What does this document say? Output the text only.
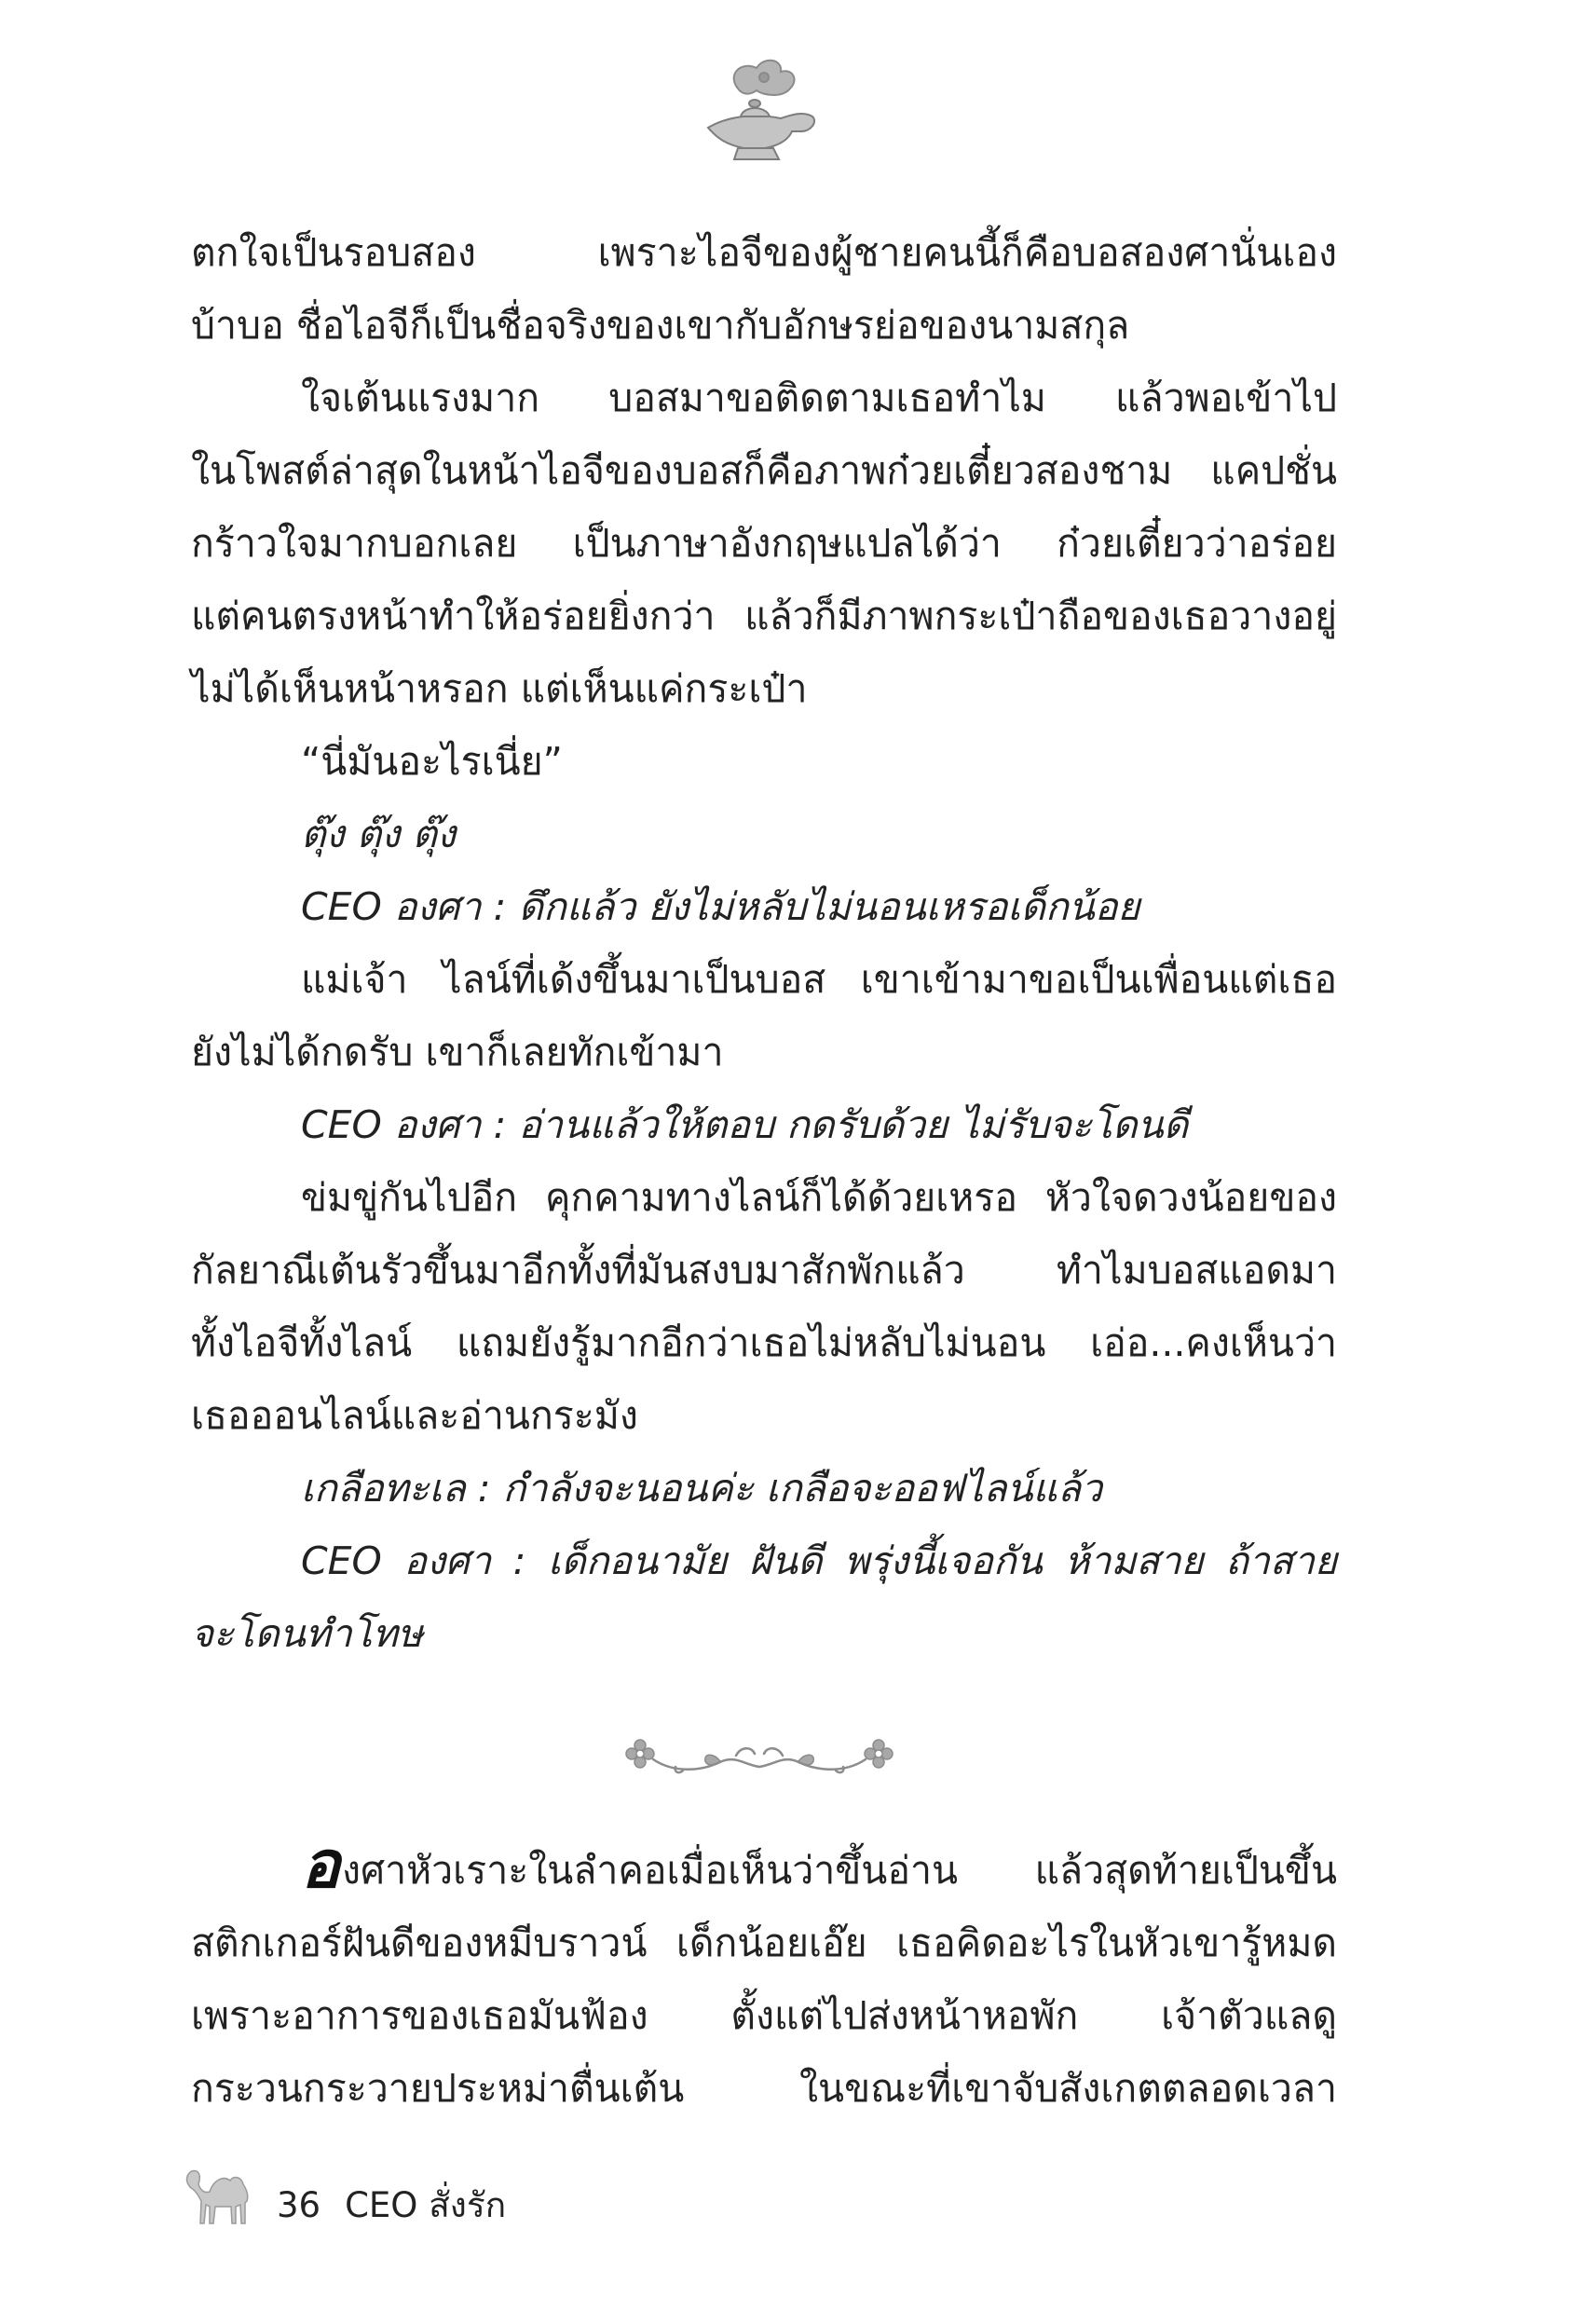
ตกใจเป็นรอบสอง เพราะไอจีของผู้ชายคนนี้ก็คือบอสองศานั่นเอง
บ้าบอ ชื่อไอจีก็เป็นชื่อจริงของเขากับอักษรย่อของนามสกุล
ใจเต้นแรงมาก บอสมาขอติดตามเธอทำไม แล้วพอเข้าไป
ในโพสต์ล่าสุดในหน้าไอจีของบอสก็คือภาพก๋วยเตี๋ยวสองชาม แคปชั่น
กร้าวใจมากบอกเลย เป็นภาษาอังกฤษแปลได้ว่า ก๋วยเตี๋ยวว่าอร่อย
แต่คนตรงหน้าทำให้อร่อยยิ่งกว่า แล้วก็มีภาพกระเป๋าถือของเธอวางอยู่
ไม่ได้เห็นหน้าหรอก แต่เห็นแค่กระเป๋า
“นี่มันอะไรเนี่ย”
ตุ๊ง ตุ๊ง ตุ๊ง
CEO องศา : ดึกแล้ว ยังไม่หลับไม่นอนเหรอเด็กน้อย
แม่เจ้า ไลน์ที่เด้งขึ้นมาเป็นบอส เขาเข้ามาขอเป็นเพื่อนแต่เธอ
ยังไม่ได้กดรับ เขาก็เลยทักเข้ามา
CEO องศา : อ่านแล้วให้ตอบ กดรับด้วย ไม่รับจะโดนดี
ข่มขู่กันไปอีก คุกคามทางไลน์ก็ได้ด้วยเหรอ หัวใจดวงน้อยของ
กัลยาณีเต้นรัวขึ้นมาอีกทั้งที่มันสงบมาสักพักแล้ว ทำไมบอสแอดมา
ทั้งไอจีทั้งไลน์ แถมยังรู้มากอีกว่าเธอไม่หลับไม่นอน เอ่อ...คงเห็นว่า
เธอออนไลน์และอ่านกระมัง
เกลือทะเล : กำลังจะนอนค่ะ เกลือจะออฟไลน์แล้ว
CEO องศา : เด็กอนามัย ฝันดี พรุ่งนี้เจอกัน ห้ามสาย ถ้าสาย
จะโดนทำโทษ
องศาหัวเราะในลำคอเมื่อเห็นว่าขึ้นอ่าน แล้วสุดท้ายเป็นขึ้น
สติกเกอร์ฝันดีของหมีบราวน์ เด็กน้อยเอ๊ย เธอคิดอะไรในหัวเขารู้หมด
เพราะอาการของเธอมันฟ้อง ตั้งแต่ไปส่งหน้าหอพัก เจ้าตัวแลดู
กระวนกระวายประหม่าตื่นเต้น ในขณะที่เขาจับสังเกตตลอดเวลา
36 CEO สั่งรัก
